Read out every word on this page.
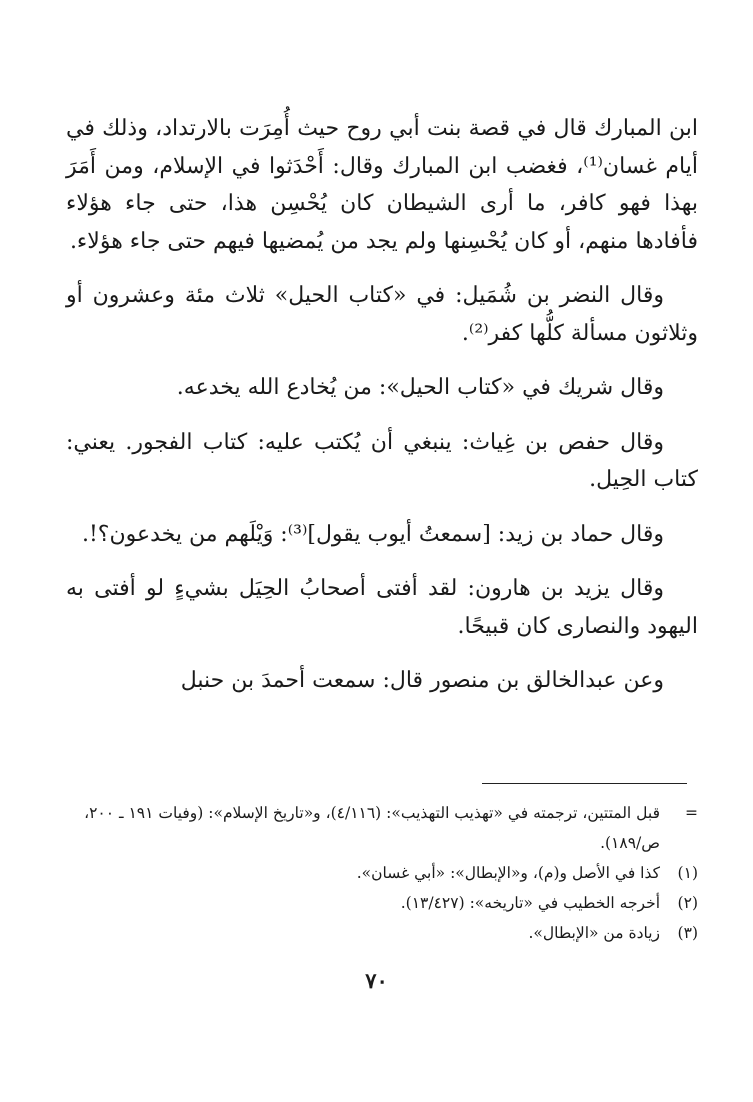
ابن المبارك قال في قصة بنت أبي روح حيث أُمِرَت بالارتداد، وذلك في أيام غسان⁽¹⁾، فغضب ابن المبارك وقال: أَحْدَثوا في الإسلام، ومن أَمَرَ بهذا فهو كافر، ما أرى الشيطان كان يُحْسِن هذا، حتى جاء هؤلاء فأفادها منهم، أو كان يُحْسِنها ولم يجد من يُمضيها فيهم حتى جاء هؤلاء.

وقال النضر بن شُمَيل: في «كتاب الحيل» ثلاث مئة وعشرون أو وثلاثون مسألة كلُّها كفر⁽²⁾.

وقال شريك في «كتاب الحيل»: من يُخادع الله يخدعه.

وقال حفص بن غِياث: ينبغي أن يُكتب عليه: كتاب الفجور. يعني: كتاب الحِيل.

وقال حماد بن زيد: [سمعتُ أيوب يقول]⁽³⁾: وَيْلَهم من يخدعون؟!.

وقال يزيد بن هارون: لقد أفتى أصحابُ الحِيَل بشيءٍ لو أفتى به اليهود والنصارى كان قبيحًا.

وعن عبدالخالق بن منصور قال: سمعت أحمدَ بن حنبل

=
قبل المتتين، ترجمته في «تهذيب التهذيب»: (٤/١١٦)، و«تاريخ الإسلام»: (وفيات ١٩١ ـ ٢٠٠، ص/١٨٩).
(١)
كذا في الأصل و(م)، و«الإبطال»: «أبي غسان».
(٢)
أخرجه الخطيب في «تاريخه»: (١٣/٤٢٧).
(٣)
زيادة من «الإبطال».
٧٠
